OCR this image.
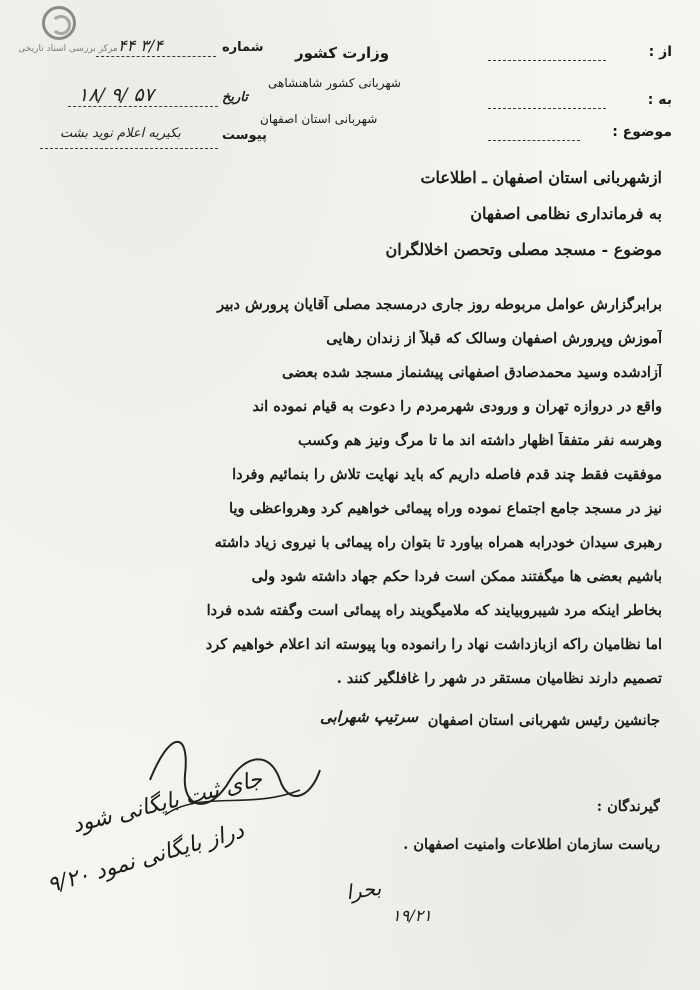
مرکز بررسی اسناد تاریخی	از :
به :
موضوع :
وزارت کشور
شهربانی کشور شاهنشاهی
شهربانی استان اصفهان
شماره
۴۴ ۳/۴
تاریخ
۱۸/ ۹/ ۵۷
پیوست
بکیریه اعلام نوید بشت
ازشهربانی استان اصفهان ـ اطلاعات
به فرمانداری نظامی اصفهان
موضوع - مسجد مصلی وتحصن اخلالگران
برابرگزارش عوامل مربوطه روز جاری درمسجد مصلی آقایان پرورش دبیر
آموزش وپرورش اصفهان وسالک که قبلاً از زندان رهایی
آزادشده وسید محمدصادق اصفهانی پیشنماز مسجد شده بعضی
واقع در دروازه تهران و ورودی شهرمردم را دعوت به قیام نموده اند
وهرسه نفر متفقاً اظهار داشته اند ما تا مرگ ونیز هم وکسب
موفقیت فقط چند قدم فاصله داریم که باید نهایت تلاش را بنمائیم وفردا
نیز در مسجد جامع اجتماع نموده وراه پیمائی خواهیم کرد وهرواعظی ویا
رهبری سیدان خودرابه همراه بیاورد تا بتوان راه پیمائی با نیروی زیاد داشته
باشیم بعضی ها میگفتند ممکن است فردا حکم جهاد داشته شود ولی
بخاطر اینکه مرد شیبروبیایند که ملامیگویند راه پیمائی است وگفته شده فردا
اما نظامیان راکه ازبازداشت نهاد را رانموده وبا پیوسته اند اعلام خواهیم کرد
تصمیم دارند نظامیان مستقر در شهر را غافلگیر کنند .
جانشین رئیس شهربانی استان اصفهان
سرتیپ شهرابی
گیرندگان :
ریاست سازمان اطلاعات وامنیت اصفهان .
جای ثبت بایگانی شود
دراز بایگانی نمود ۹/۲۰
بحرا
۱۹/۲۱
